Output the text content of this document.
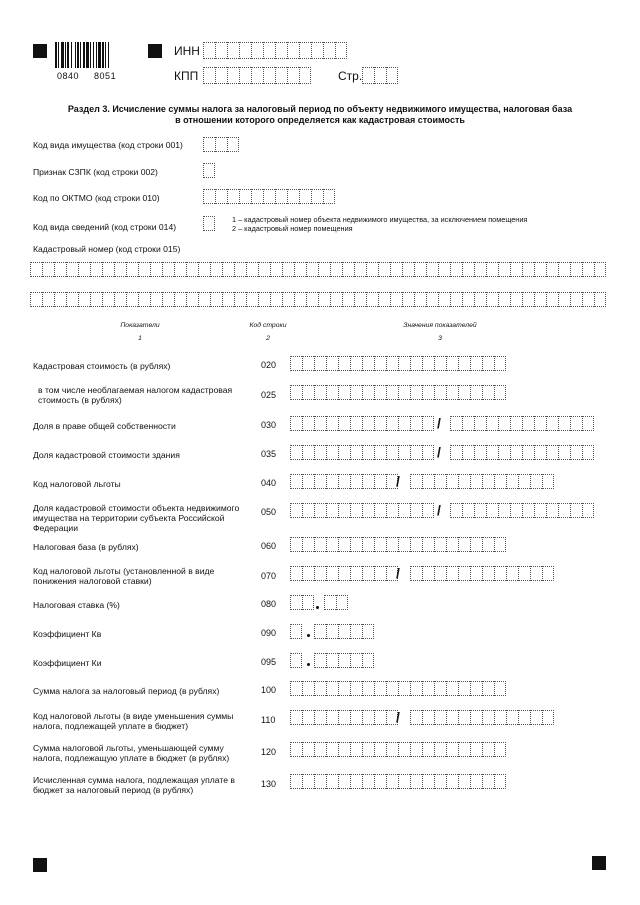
0840 8051
ИНН
КПП	Стр.
Раздел 3. Исчисление суммы налога за налоговый период по объекту недвижимого имущества, налоговая база
в отношении которого определяется как кадастровая стоимость
Код вида имущества (код строки 001)
Признак СЗПК (код строки 002)
Код по ОКТМО (код строки 010)
Код вида сведений (код строки 014)
1 – кадастровый номер объекта недвижимого имущества, за исключением помещения
2 – кадастровый номер помещения
Кадастровый номер (код строки 015)
Показатели
1
Код строки
2
Значения показателей
3
Кадастровая стоимость (в рублях)	020
в том числе необлагаемая налогом кадастровая стоимость (в рублях)	025
Доля в праве общей собственности	030	/
Доля кадастровой стоимости здания	035	/
Код налоговой льготы	040	/
Доля кадастровой стоимости объекта недвижимого имущества на территории субъекта Российской Федерации
050	/
Налоговая база (в рублях)	060
Код налоговой льготы (установленной в виде понижения налоговой ставки)	070	/
Налоговая ставка (%)	080
Коэффициент Кв	090
Коэффициент Ки	095
Сумма налога за налоговый период (в рублях)	100
Код налоговой льготы (в виде уменьшения суммы налога, подлежащей уплате в бюджет)
110	/
Сумма налоговой льготы, уменьшающей сумму налога, подлежащую уплате в бюджет (в рублях)
120
Исчисленная сумма налога, подлежащая уплате в бюджет за налоговый период (в рублях)
130
